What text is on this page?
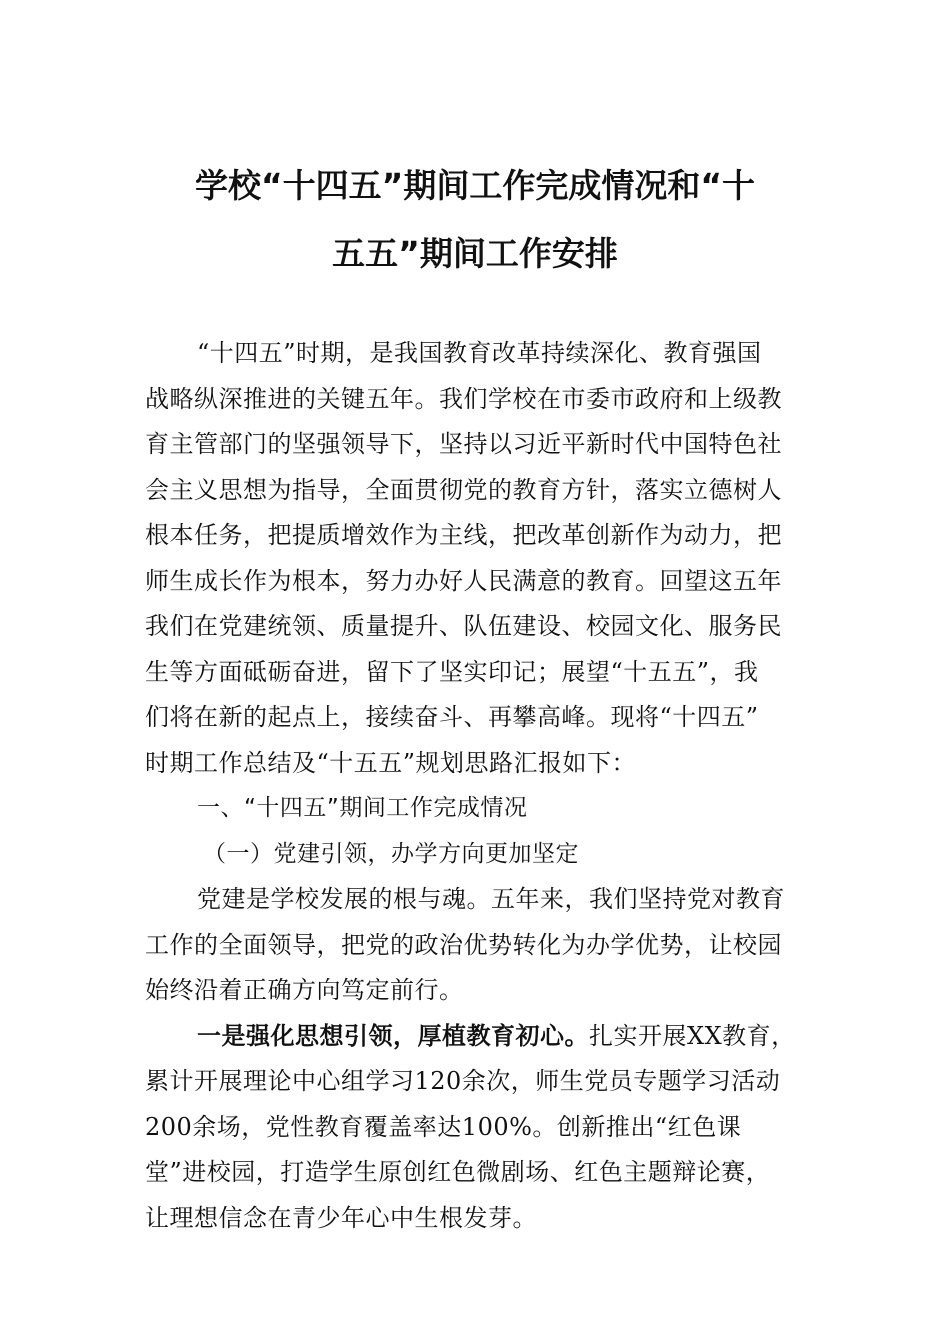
学校“十四五”期间工作完成情况和“十
五五”期间工作安排
“十四五”时期，是我国教育改革持续深化、教育强国
战略纵深推进的关键五年。我们学校在市委市政府和上级教
育主管部门的坚强领导下，坚持以习近平新时代中国特色社
会主义思想为指导，全面贯彻党的教育方针，落实立德树人
根本任务，把提质增效作为主线，把改革创新作为动力，把
师生成长作为根本，努力办好人民满意的教育。回望这五年
我们在党建统领、质量提升、队伍建设、校园文化、服务民
生等方面砥砺奋进，留下了坚实印记；展望“十五五”，我
们将在新的起点上，接续奋斗、再攀高峰。现将“十四五”
时期工作总结及“十五五”规划思路汇报如下：
一、“十四五”期间工作完成情况
（一）党建引领，办学方向更加坚定
党建是学校发展的根与魂。五年来，我们坚持党对教育
工作的全面领导，把党的政治优势转化为办学优势，让校园
始终沿着正确方向笃定前行。
一是强化思想引领，厚植教育初心。扎实开展XX教育，
累计开展理论中心组学习120余次，师生党员专题学习活动
200余场，党性教育覆盖率达100%。创新推出“红色课
堂”进校园，打造学生原创红色微剧场、红色主题辩论赛，
让理想信念在青少年心中生根发芽。
